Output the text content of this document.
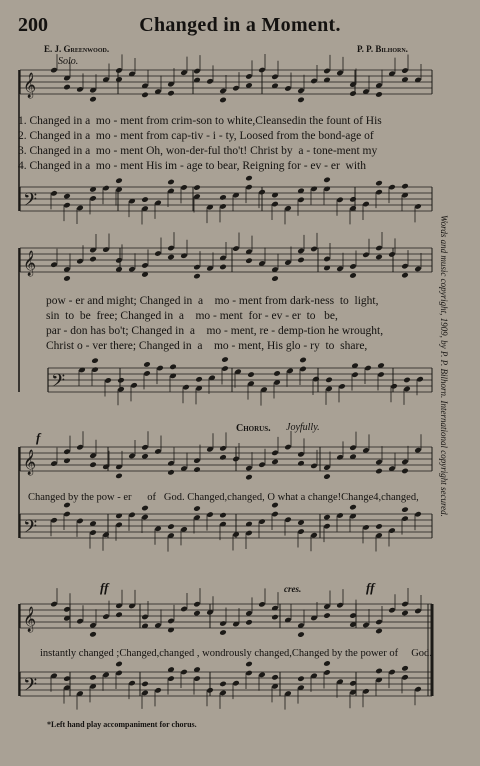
𝄞
𝄢
𝄞
𝄢
𝄞
𝄢
𝄞
𝄢
200	Changed in a Moment.
E. J. Greenwood.	P. P. Bilhorn.
Solo.
1. Changed in a  mo - ment from crim-son to white,Cleansedin the fount of His
2. Changed in a  mo - ment from cap-tiv - i - ty, Loosed from the bond-age of
3. Changed in a  mo - ment Oh, won-der-ful tho't! Christ by  a - tone-ment my
4. Changed in a  mo - ment His im - age to bear, Reigning for - ev - er  with
pow - er and might; Changed in  a    mo - ment from dark-ness  to  light,
sin  to  be  free; Changed in  a    mo - ment  for - ev - er  to   be,
par - don has bo't; Changed in  a    mo - ment, re - demp-tion he wrought,
Christ o - ver there; Changed in  a    mo - ment, His glo - ry  to  share,
Chorus. Joyfully.
f
Changed by the pow - er      of   God. Changed,changed, O what a change!Change4,changed,
ff	cres.	ff
instantly changed ;Changed,changed , wondrously changed,Changed by the power of     God.
Words and music copyright, 1909, by P. P. Bilhorn. International copyright secured.
*Left hand play accompaniment for chorus.
